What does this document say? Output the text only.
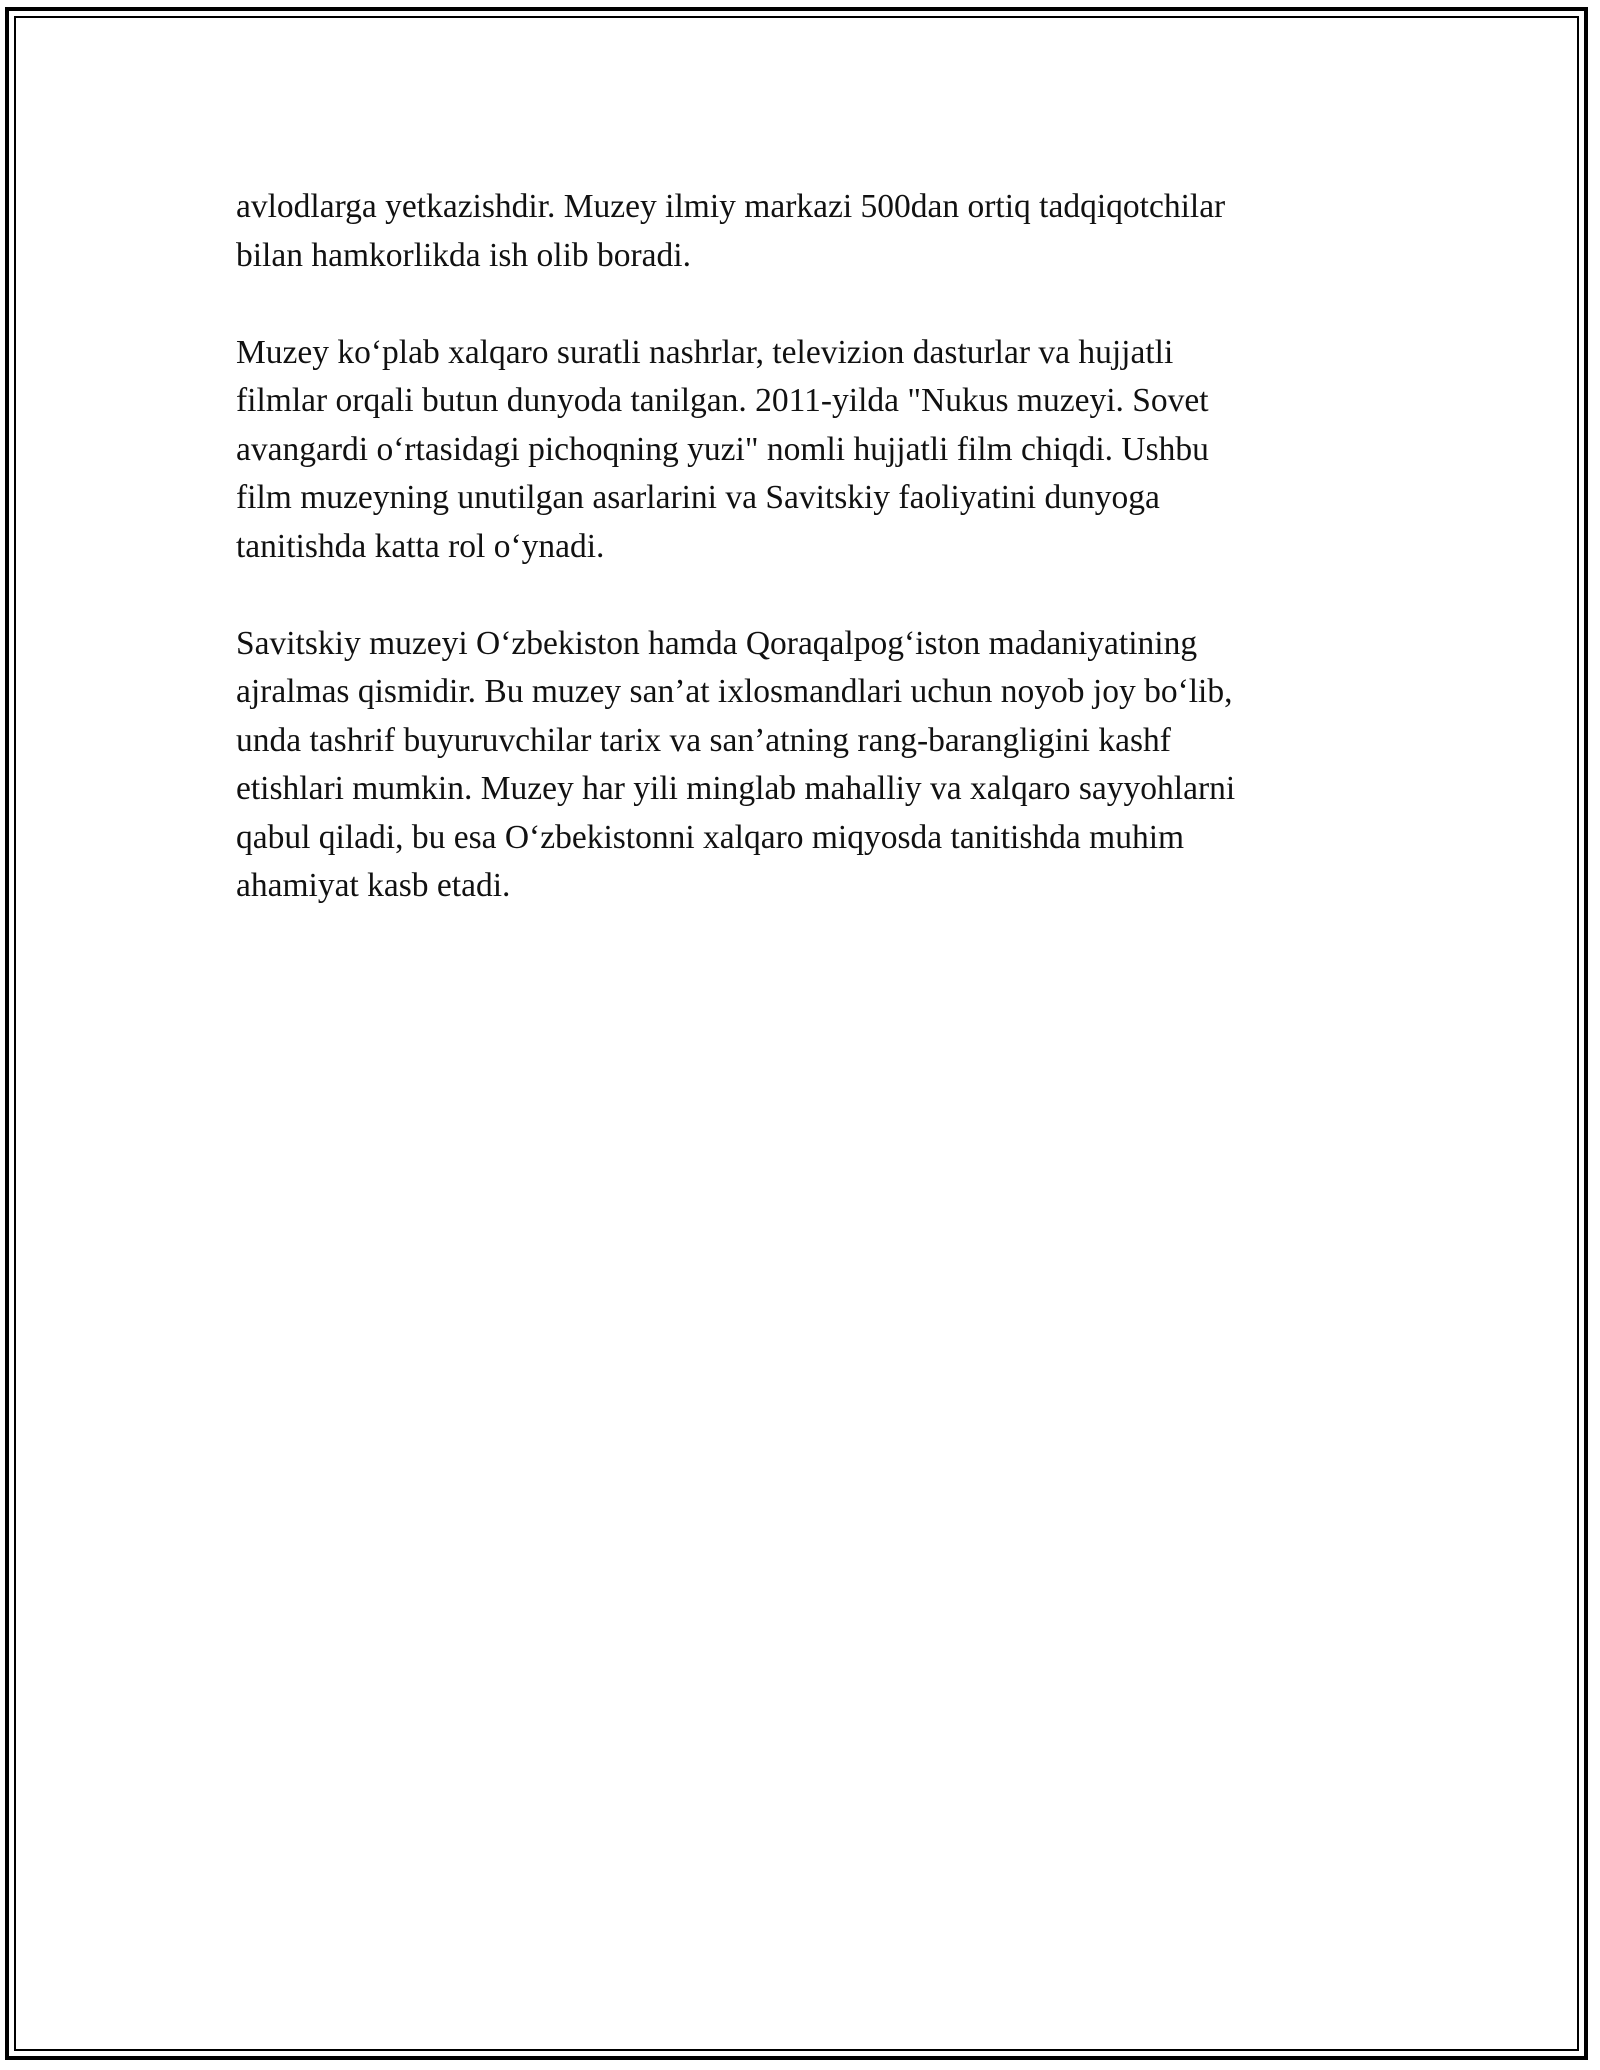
avlodlarga yetkazishdir. Muzey ilmiy markazi 500dan ortiq tadqiqotchilar
bilan hamkorlikda ish olib boradi.

Muzey ko‘plab xalqaro suratli nashrlar, televizion dasturlar va hujjatli
filmlar orqali butun dunyoda tanilgan. 2011-yilda "Nukus muzeyi. Sovet
avangardi o‘rtasidagi pichoqning yuzi" nomli hujjatli film chiqdi. Ushbu
film muzeyning unutilgan asarlarini va Savitskiy faoliyatini dunyoga
tanitishda katta rol o‘ynadi.

Savitskiy muzeyi O‘zbekiston hamda Qoraqalpog‘iston madaniyatining
ajralmas qismidir. Bu muzey san’at ixlosmandlari uchun noyob joy bo‘lib,
unda tashrif buyuruvchilar tarix va san’atning rang-barangligini kashf
etishlari mumkin. Muzey har yili minglab mahalliy va xalqaro sayyohlarni
qabul qiladi, bu esa O‘zbekistonni xalqaro miqyosda tanitishda muhim
ahamiyat kasb etadi.
